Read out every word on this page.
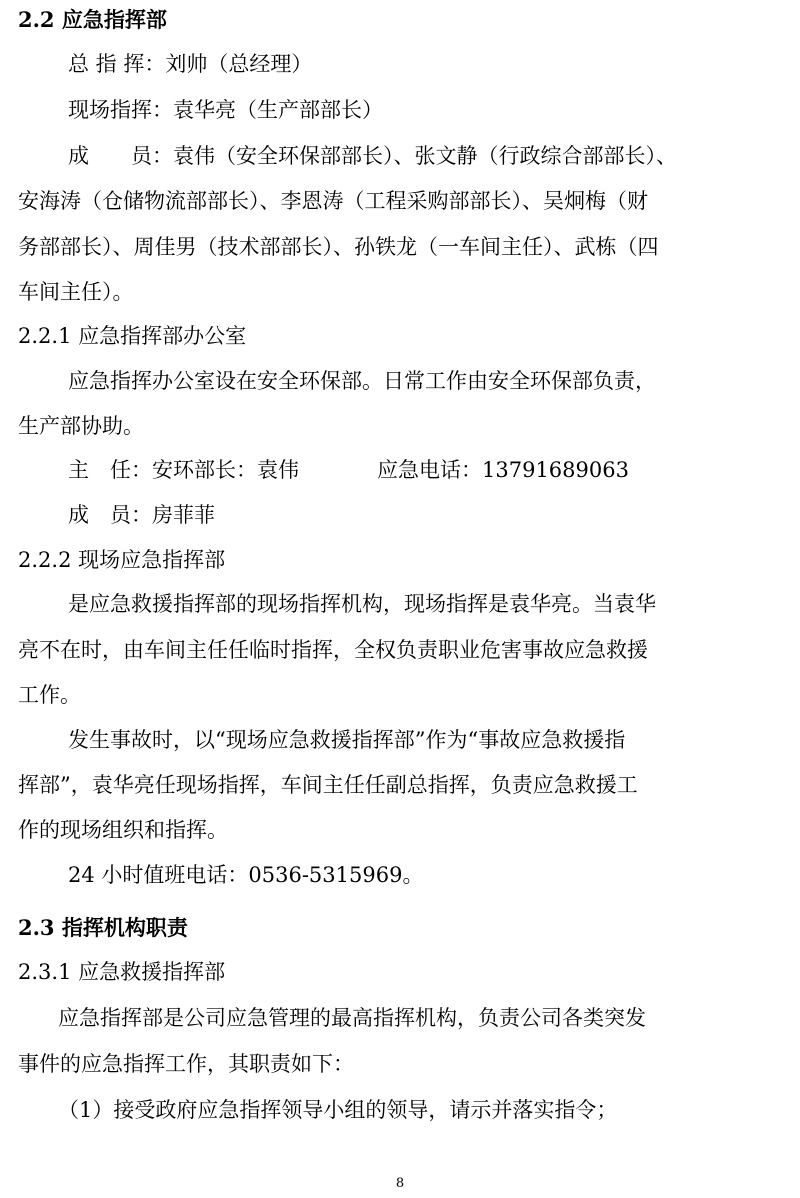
2.2 应急指挥部
总 指 挥：刘帅（总经理）
现场指挥：袁华亮（生产部部长）
成　　员：袁伟（安全环保部部长）、张文静（行政综合部部长）、
安海涛（仓储物流部部长）、李恩涛（工程采购部部长）、吴炯梅（财
务部部长）、周佳男（技术部部长）、孙铁龙（一车间主任）、武栋（四
车间主任）。
2.2.1 应急指挥部办公室
应急指挥办公室设在安全环保部。日常工作由安全环保部负责，
生产部协助。
主　任：安环部长：袁伟	应急电话：13791689063
成　员：房菲菲
2.2.2 现场应急指挥部
是应急救援指挥部的现场指挥机构，现场指挥是袁华亮。当袁华
亮不在时，由车间主任任临时指挥，全权负责职业危害事故应急救援
工作。
发生事故时，以“现场应急救援指挥部”作为“事故应急救援指
挥部”，袁华亮任现场指挥，车间主任任副总指挥，负责应急救援工
作的现场组织和指挥。
24 小时值班电话：0536-5315969。
2.3 指挥机构职责
2.3.1 应急救援指挥部
应急指挥部是公司应急管理的最高指挥机构，负责公司各类突发
事件的应急指挥工作，其职责如下：
（1）接受政府应急指挥领导小组的领导，请示并落实指令；
8
